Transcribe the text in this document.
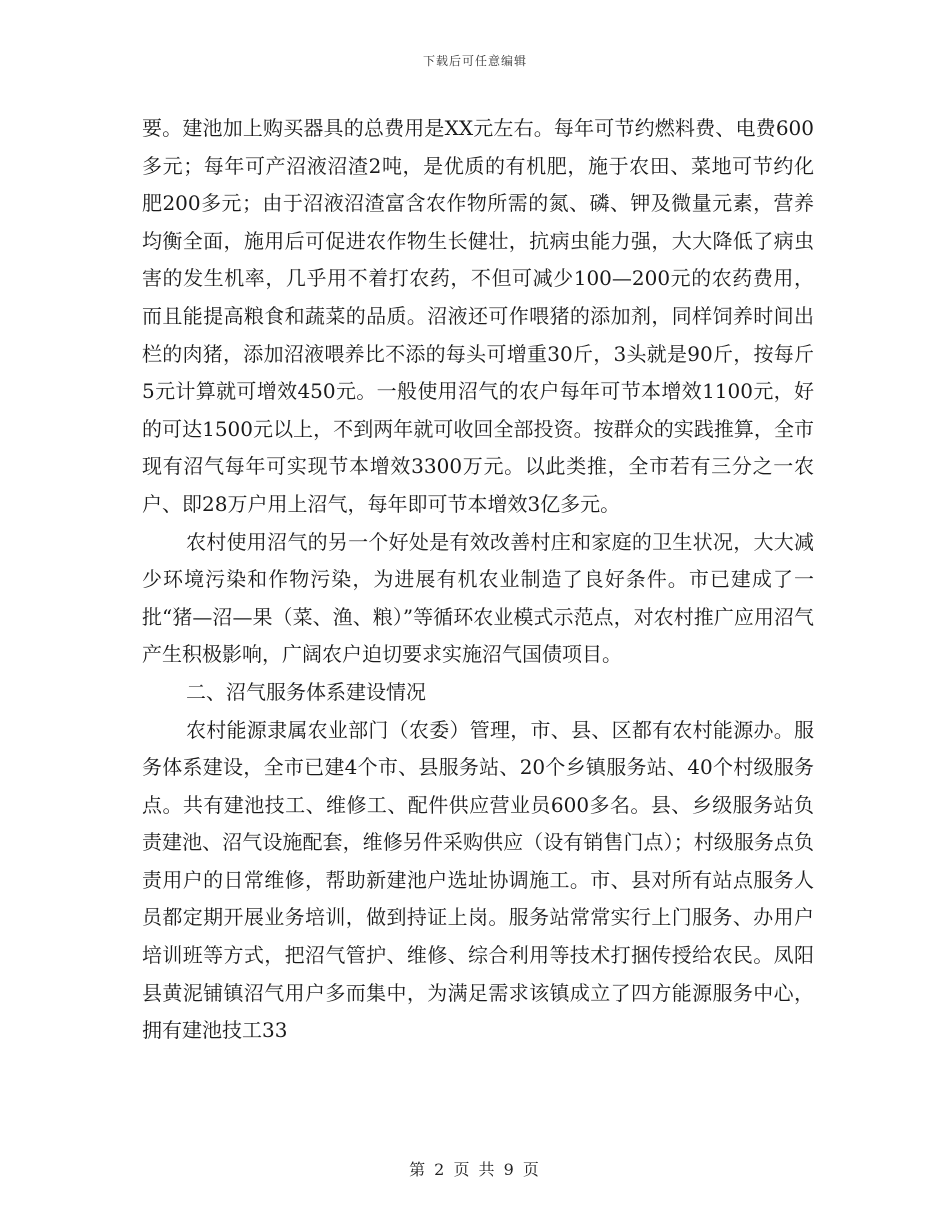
下载后可任意编辑

要。建池加上购买器具的总费用是XX元左右。每年可节约燃料费、电费600多元；每年可产沼液沼渣2吨，是优质的有机肥，施于农田、菜地可节约化肥200多元；由于沼液沼渣富含农作物所需的氮、磷、钾及微量元素，营养均衡全面，施用后可促进农作物生长健壮，抗病虫能力强，大大降低了病虫害的发生机率，几乎用不着打农药，不但可减少100—200元的农药费用，而且能提高粮食和蔬菜的品质。沼液还可作喂猪的添加剂，同样饲养时间出栏的肉猪，添加沼液喂养比不添的每头可增重30斤，3头就是90斤，按每斤5元计算就可增效450元。一般使用沼气的农户每年可节本增效1100元，好的可达1500元以上，不到两年就可收回全部投资。按群众的实践推算，全市现有沼气每年可实现节本增效3300万元。以此类推，全市若有三分之一农户、即28万户用上沼气，每年即可节本增效3亿多元。

农村使用沼气的另一个好处是有效改善村庄和家庭的卫生状况，大大减少环境污染和作物污染，为进展有机农业制造了良好条件。市已建成了一批“猪—沼—果（菜、渔、粮）”等循环农业模式示范点，对农村推广应用沼气产生积极影响，广阔农户迫切要求实施沼气国债项目。

二、沼气服务体系建设情况

农村能源隶属农业部门（农委）管理，市、县、区都有农村能源办。服务体系建设，全市已建4个市、县服务站、20个乡镇服务站、40个村级服务点。共有建池技工、维修工、配件供应营业员600多名。县、乡级服务站负责建池、沼气设施配套，维修另件采购供应（设有销售门点）；村级服务点负责用户的日常维修，帮助新建池户选址协调施工。市、县对所有站点服务人员都定期开展业务培训，做到持证上岗。服务站常常实行上门服务、办用户培训班等方式，把沼气管护、维修、综合利用等技术打捆传授给农民。凤阳县黄泥铺镇沼气用户多而集中，为满足需求该镇成立了四方能源服务中心，拥有建池技工33

第 2 页 共 9 页
